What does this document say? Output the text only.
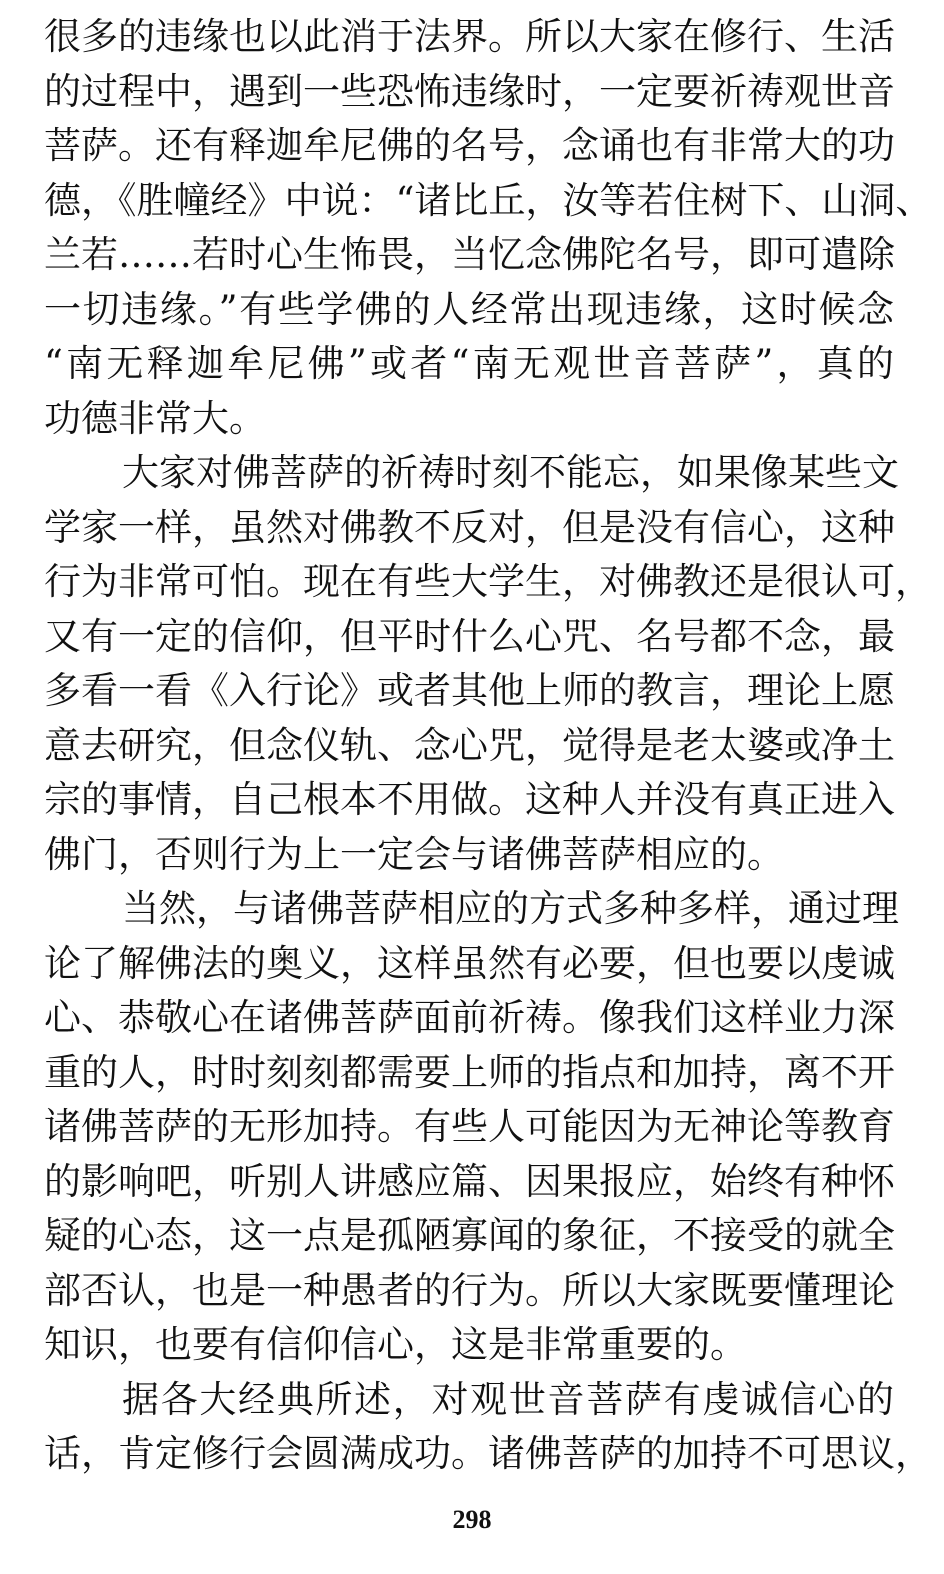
很多的违缘也以此消于法界。所以大家在修行、生活
的过程中，遇到一些恐怖违缘时，一定要祈祷观世音
菩萨。还有释迦牟尼佛的名号，念诵也有非常大的功
德，《胜幢经》中说：“诸比丘，汝等若住树下、山洞、
兰若……若时心生怖畏，当忆念佛陀名号，即可遣除
一切违缘。”有些学佛的人经常出现违缘，这时候念
“南无释迦牟尼佛”或者“南无观世音菩萨”，真的
功德非常大。
大家对佛菩萨的祈祷时刻不能忘，如果像某些文
学家一样，虽然对佛教不反对，但是没有信心，这种
行为非常可怕。现在有些大学生，对佛教还是很认可，
又有一定的信仰，但平时什么心咒、名号都不念，最
多看一看《入行论》或者其他上师的教言，理论上愿
意去研究，但念仪轨、念心咒，觉得是老太婆或净土
宗的事情，自己根本不用做。这种人并没有真正进入
佛门，否则行为上一定会与诸佛菩萨相应的。
当然，与诸佛菩萨相应的方式多种多样，通过理
论了解佛法的奥义，这样虽然有必要，但也要以虔诚
心、恭敬心在诸佛菩萨面前祈祷。像我们这样业力深
重的人，时时刻刻都需要上师的指点和加持，离不开
诸佛菩萨的无形加持。有些人可能因为无神论等教育
的影响吧，听别人讲感应篇、因果报应，始终有种怀
疑的心态，这一点是孤陋寡闻的象征，不接受的就全
部否认，也是一种愚者的行为。所以大家既要懂理论
知识，也要有信仰信心，这是非常重要的。
据各大经典所述，对观世音菩萨有虔诚信心的
话，肯定修行会圆满成功。诸佛菩萨的加持不可思议，
298
